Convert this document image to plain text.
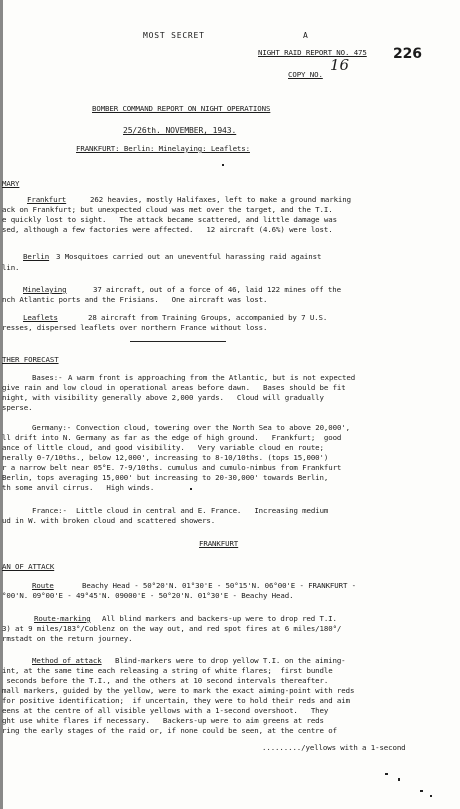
MOST SECRET	A
NIGHT RAID REPORT NO. 475 226
COPY NO.
16
BOMBER COMMAND REPORT ON NIGHT OPERATIONS
25/26th. NOVEMBER, 1943.
FRANKFURT: Berlin: Minelaying: Leaflets:
MARY
Frankfurt	262 heavies, mostly Halifaxes, left to make a ground marking
ack on Frankfurt; but unexpected cloud was met over the target, and the T.I.
e quickly lost to sight.   The attack became scattered, and little damage was
sed, although a few factories were affected.   12 aircraft (4.6%) were lost.
Berlin 3 Mosquitoes carried out an uneventful harassing raid against
lin.
Minelaying	37 aircraft, out of a force of 46, laid 122 mines off the
nch Atlantic ports and the Frisians.   One aircraft was lost.
Leaflets	28 aircraft from Training Groups, accompanied by 7 U.S.
resses, dispersed leaflets over northern France without loss.
THER FORECAST
Bases:- A warm front is approaching from the Atlantic, but is not expected
give rain and low cloud in operational areas before dawn.   Bases should be fit
night, with visibility generally above 2,000 yards.   Cloud will gradually
sperse.
Germany:- Convection cloud, towering over the North Sea to above 20,000',
ll drift into N. Germany as far as the edge of high ground.   Frankfurt;  good
ance of little cloud, and good visibility.   Very variable cloud en route;
nerally 0-7/10ths., below 12,000', increasing to 8-10/10ths. (tops 15,000')
r a narrow belt near 05°E. 7-9/10ths. cumulus and cumulo-nimbus from Frankfurt
Berlin, tops averaging 15,000' but increasing to 20-30,000' towards Berlin,
th some anvil cirrus.   High winds.
France:- Little cloud in central and E. France.   Increasing medium
ud in W. with broken cloud and scattered showers.
FRANKFURT
AN OF ATTACK
Route	Beachy Head - 50°20'N. 01°30'E - 50°15'N. 06°00'E - FRANKFURT -
°00'N. 09°00'E - 49°45'N. 09000'E - 50°20'N. 01°30'E - Beachy Head.
Route-marking All blind markers and backers-up were to drop red T.I.
3) at 9 miles/183°/Coblenz on the way out, and red spot fires at 6 miles/180°/
rmstadt on the return journey.
Method of attack Blind-markers were to drop yellow T.I. on the aiming-
int, at the same time each releasing a string of white flares;  first bundle
seconds before the T.I., and the others at 10 second intervals thereafter.
mall markers, guided by the yellow, were to mark the exact aiming-point with reds
for positive identification;  if uncertain, they were to hold their reds and aim
eens at the centre of all visible yellows with a 1-second overshoot.   They
ght use white flares if necessary.   Backers-up were to aim greens at reds
ring the early stages of the raid or, if none could be seen, at the centre of
........./yellows with a 1-second
